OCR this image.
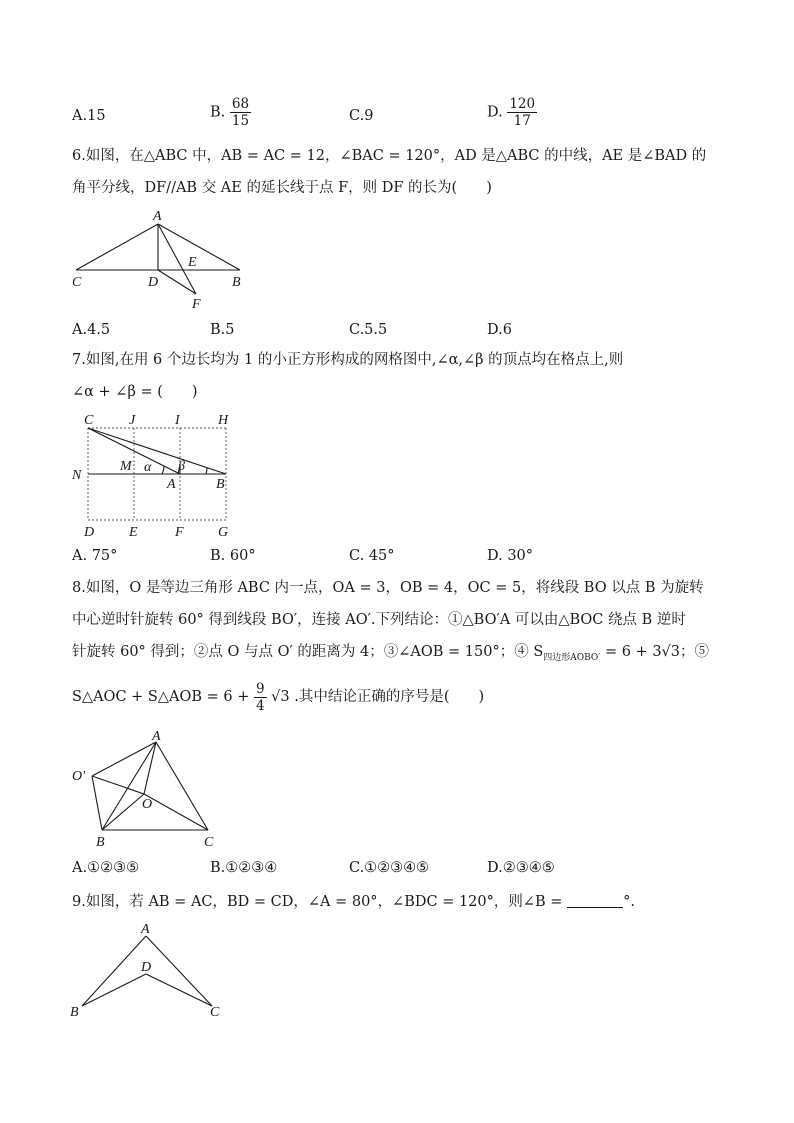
A.15	B. $\frac{68}{15}$	C.9	D. $\frac{120}{17}$
6.如图，在△ABC 中，AB = AC = 12，∠BAC = 120°，AD 是△ABC 的中线，AE 是∠BAD 的
角平分线，DF//AB 交 AE 的延长线于点 F，则 DF 的长为(　　)
A
C	D
E
B
F
A.4.5	B.5	C.5.5	D.6
7.如图,在用 6 个边长均为 1 的小正方形构成的网格图中,∠α,∠β 的顶点均在格点上,则
∠α + ∠β = (　　)
C	J	I	H
N
M α β
A	B
D E	F G
A. 75°	B. 60°	C. 45°	D. 30°
8.如图，O 是等边三角形 ABC 内一点，OA = 3，OB = 4，OC = 5，将线段 BO 以点 B 为旋转
中心逆时针旋转 60° 得到线段 BO′，连接 AO′.下列结论：①△BO′A 可以由△BOC 绕点 B 逆时
针旋转 60° 得到；②点 O 与点 O′ 的距离为 4；③∠AOB = 150°；④ $S_{四边形AOBO'} = 6 + 3√3$；⑤
S△AOC + S△AOB = $6 + \frac{9}{4} √3$ .其中结论正确的序号是(　　)
A
O′
O
B	C
A.①②③⑤	B.①②③④	C.①②③④⑤	D.②③④⑤
9.如图，若 AB = AC，BD = CD，∠A = 80°，∠BDC = 120°，则∠B =	°.
A
D
B	C
